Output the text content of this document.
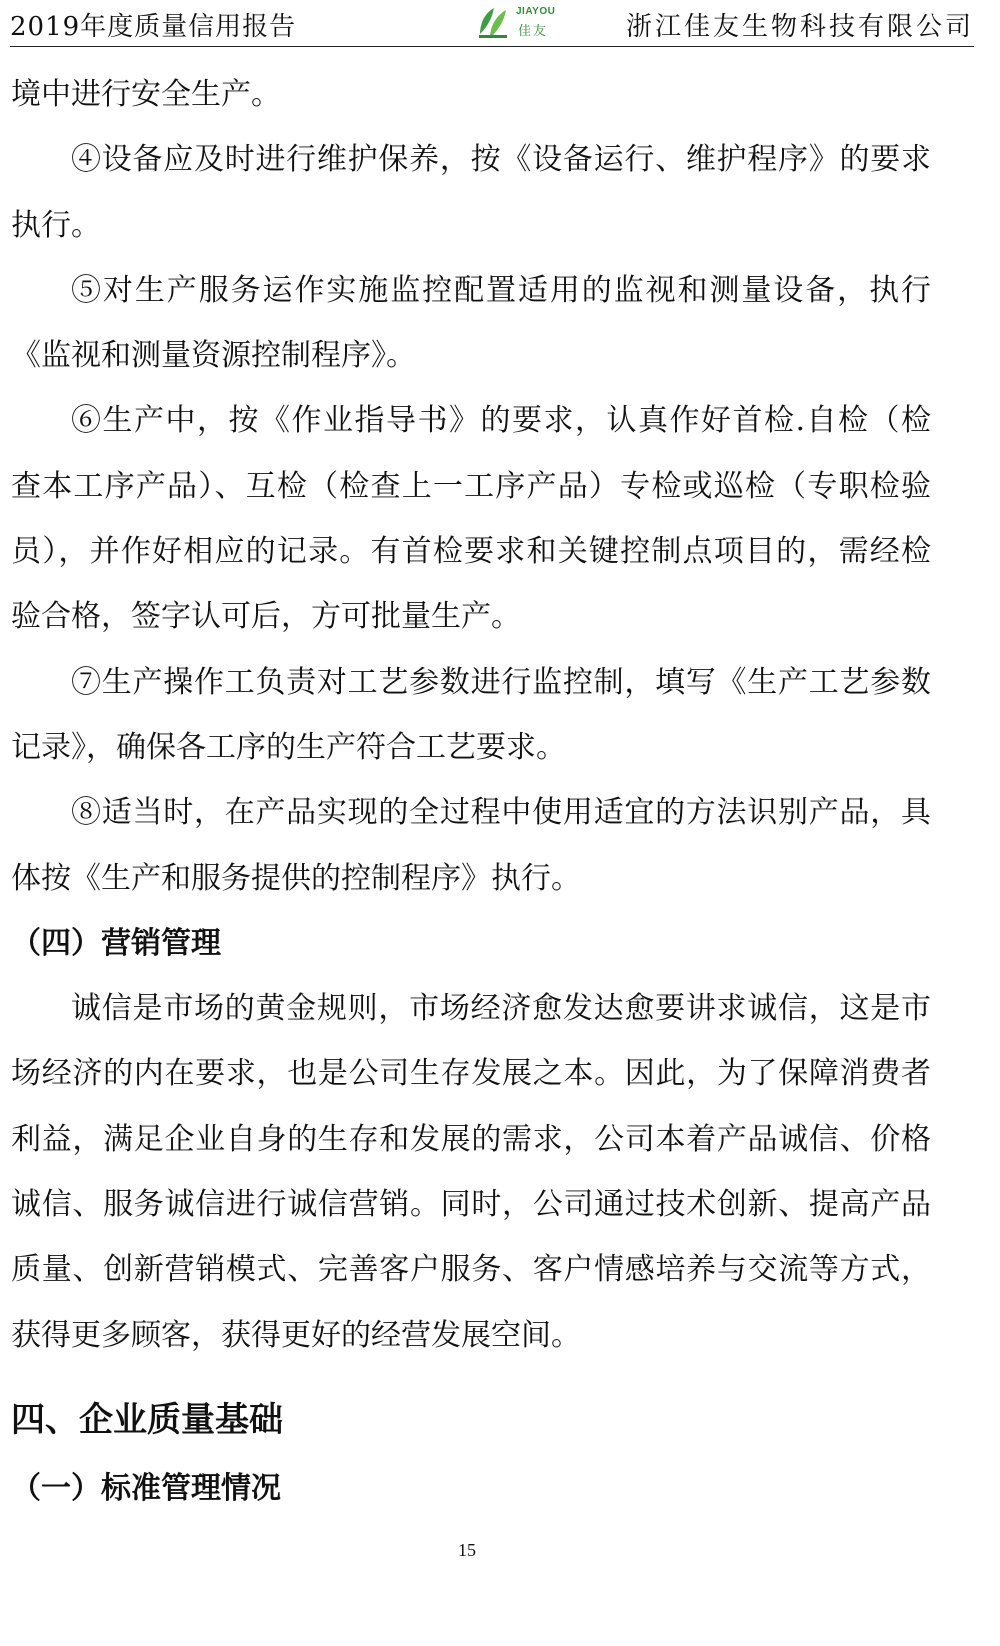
2019年度质量信用报告
JIAYOU
佳友	浙江佳友生物科技有限公司
境中进行安全生产。
④设备应及时进行维护保养，按《设备运行、维护程序》的要求
执行。
⑤对生产服务运作实施监控配置适用的监视和测量设备，执行
《监视和测量资源控制程序》。
⑥生产中，按《作业指导书》的要求，认真作好首检.自检（检
查本工序产品）、互检（检查上一工序产品）专检或巡检（专职检验
员），并作好相应的记录。有首检要求和关键控制点项目的，需经检
验合格，签字认可后，方可批量生产。
⑦生产操作工负责对工艺参数进行监控制，填写《生产工艺参数
记录》，确保各工序的生产符合工艺要求。
⑧适当时，在产品实现的全过程中使用适宜的方法识别产品，具
体按《生产和服务提供的控制程序》执行。
（四）营销管理
诚信是市场的黄金规则，市场经济愈发达愈要讲求诚信，这是市
场经济的内在要求，也是公司生存发展之本。因此，为了保障消费者
利益，满足企业自身的生存和发展的需求，公司本着产品诚信、价格
诚信、服务诚信进行诚信营销。同时，公司通过技术创新、提高产品
质量、创新营销模式、完善客户服务、客户情感培养与交流等方式，
获得更多顾客，获得更好的经营发展空间。
四、企业质量基础
（一）标准管理情况
15
